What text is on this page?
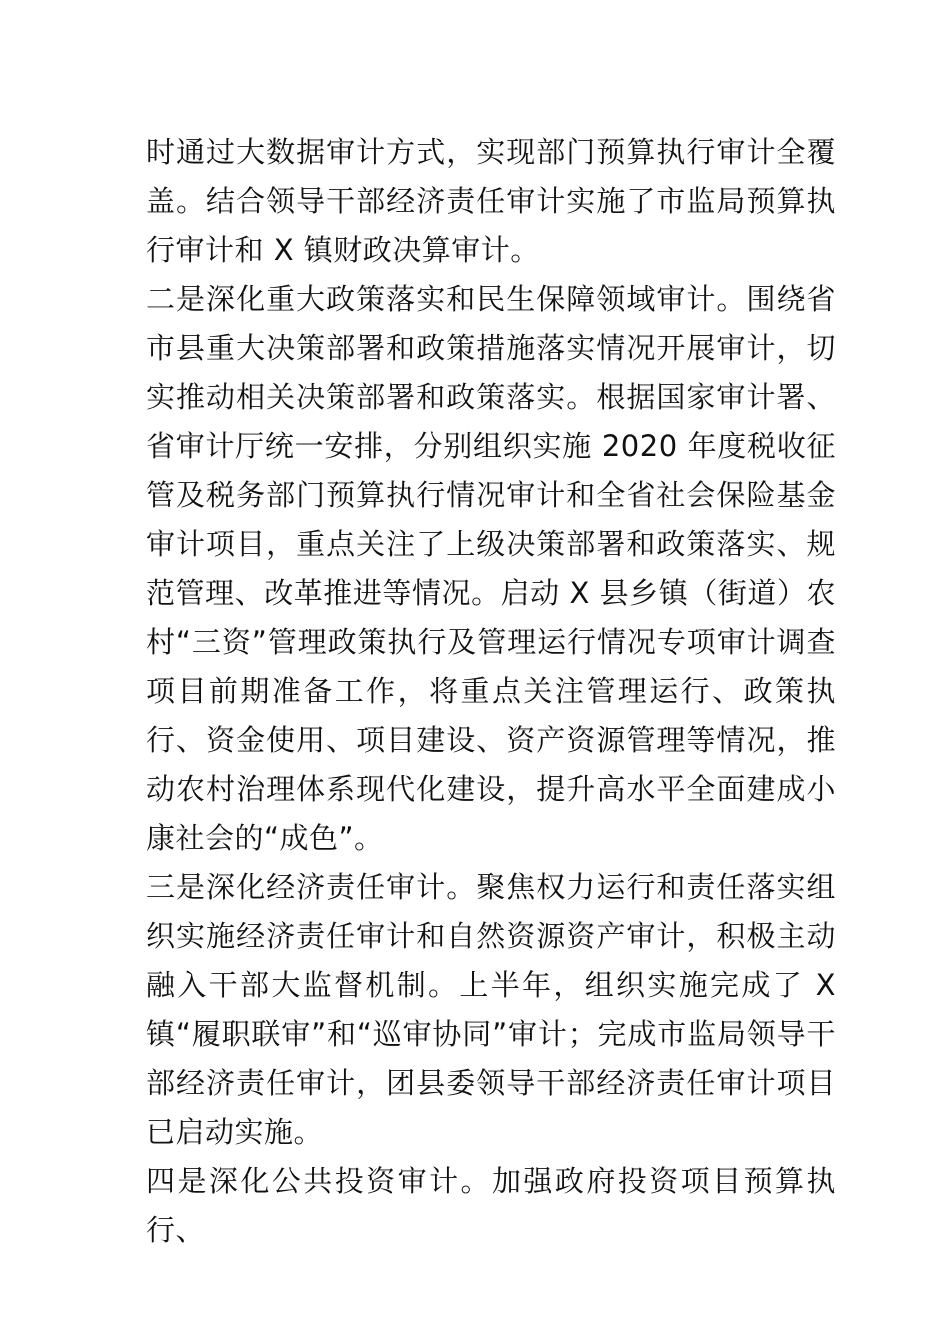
时通过大数据审计方式，实现部门预算执行审计全覆盖。结合领导干部经济责任审计实施了市监局预算执行审计和 X 镇财政决算审计。

二是深化重大政策落实和民生保障领域审计。围绕省市县重大决策部署和政策措施落实情况开展审计，切实推动相关决策部署和政策落实。根据国家审计署、省审计厅统一安排，分别组织实施 2020 年度税收征管及税务部门预算执行情况审计和全省社会保险基金审计项目，重点关注了上级决策部署和政策落实、规范管理、改革推进等情况。启动 X 县乡镇（街道）农村“三资”管理政策执行及管理运行情况专项审计调查项目前期准备工作，将重点关注管理运行、政策执行、资金使用、项目建设、资产资源管理等情况，推动农村治理体系现代化建设，提升高水平全面建成小康社会的“成色”。

三是深化经济责任审计。聚焦权力运行和责任落实组织实施经济责任审计和自然资源资产审计，积极主动融入干部大监督机制。上半年，组织实施完成了 X 镇“履职联审”和“巡审协同”审计；完成市监局领导干部经济责任审计，团县委领导干部经济责任审计项目已启动实施。

四是深化公共投资审计。加强政府投资项目预算执行、
